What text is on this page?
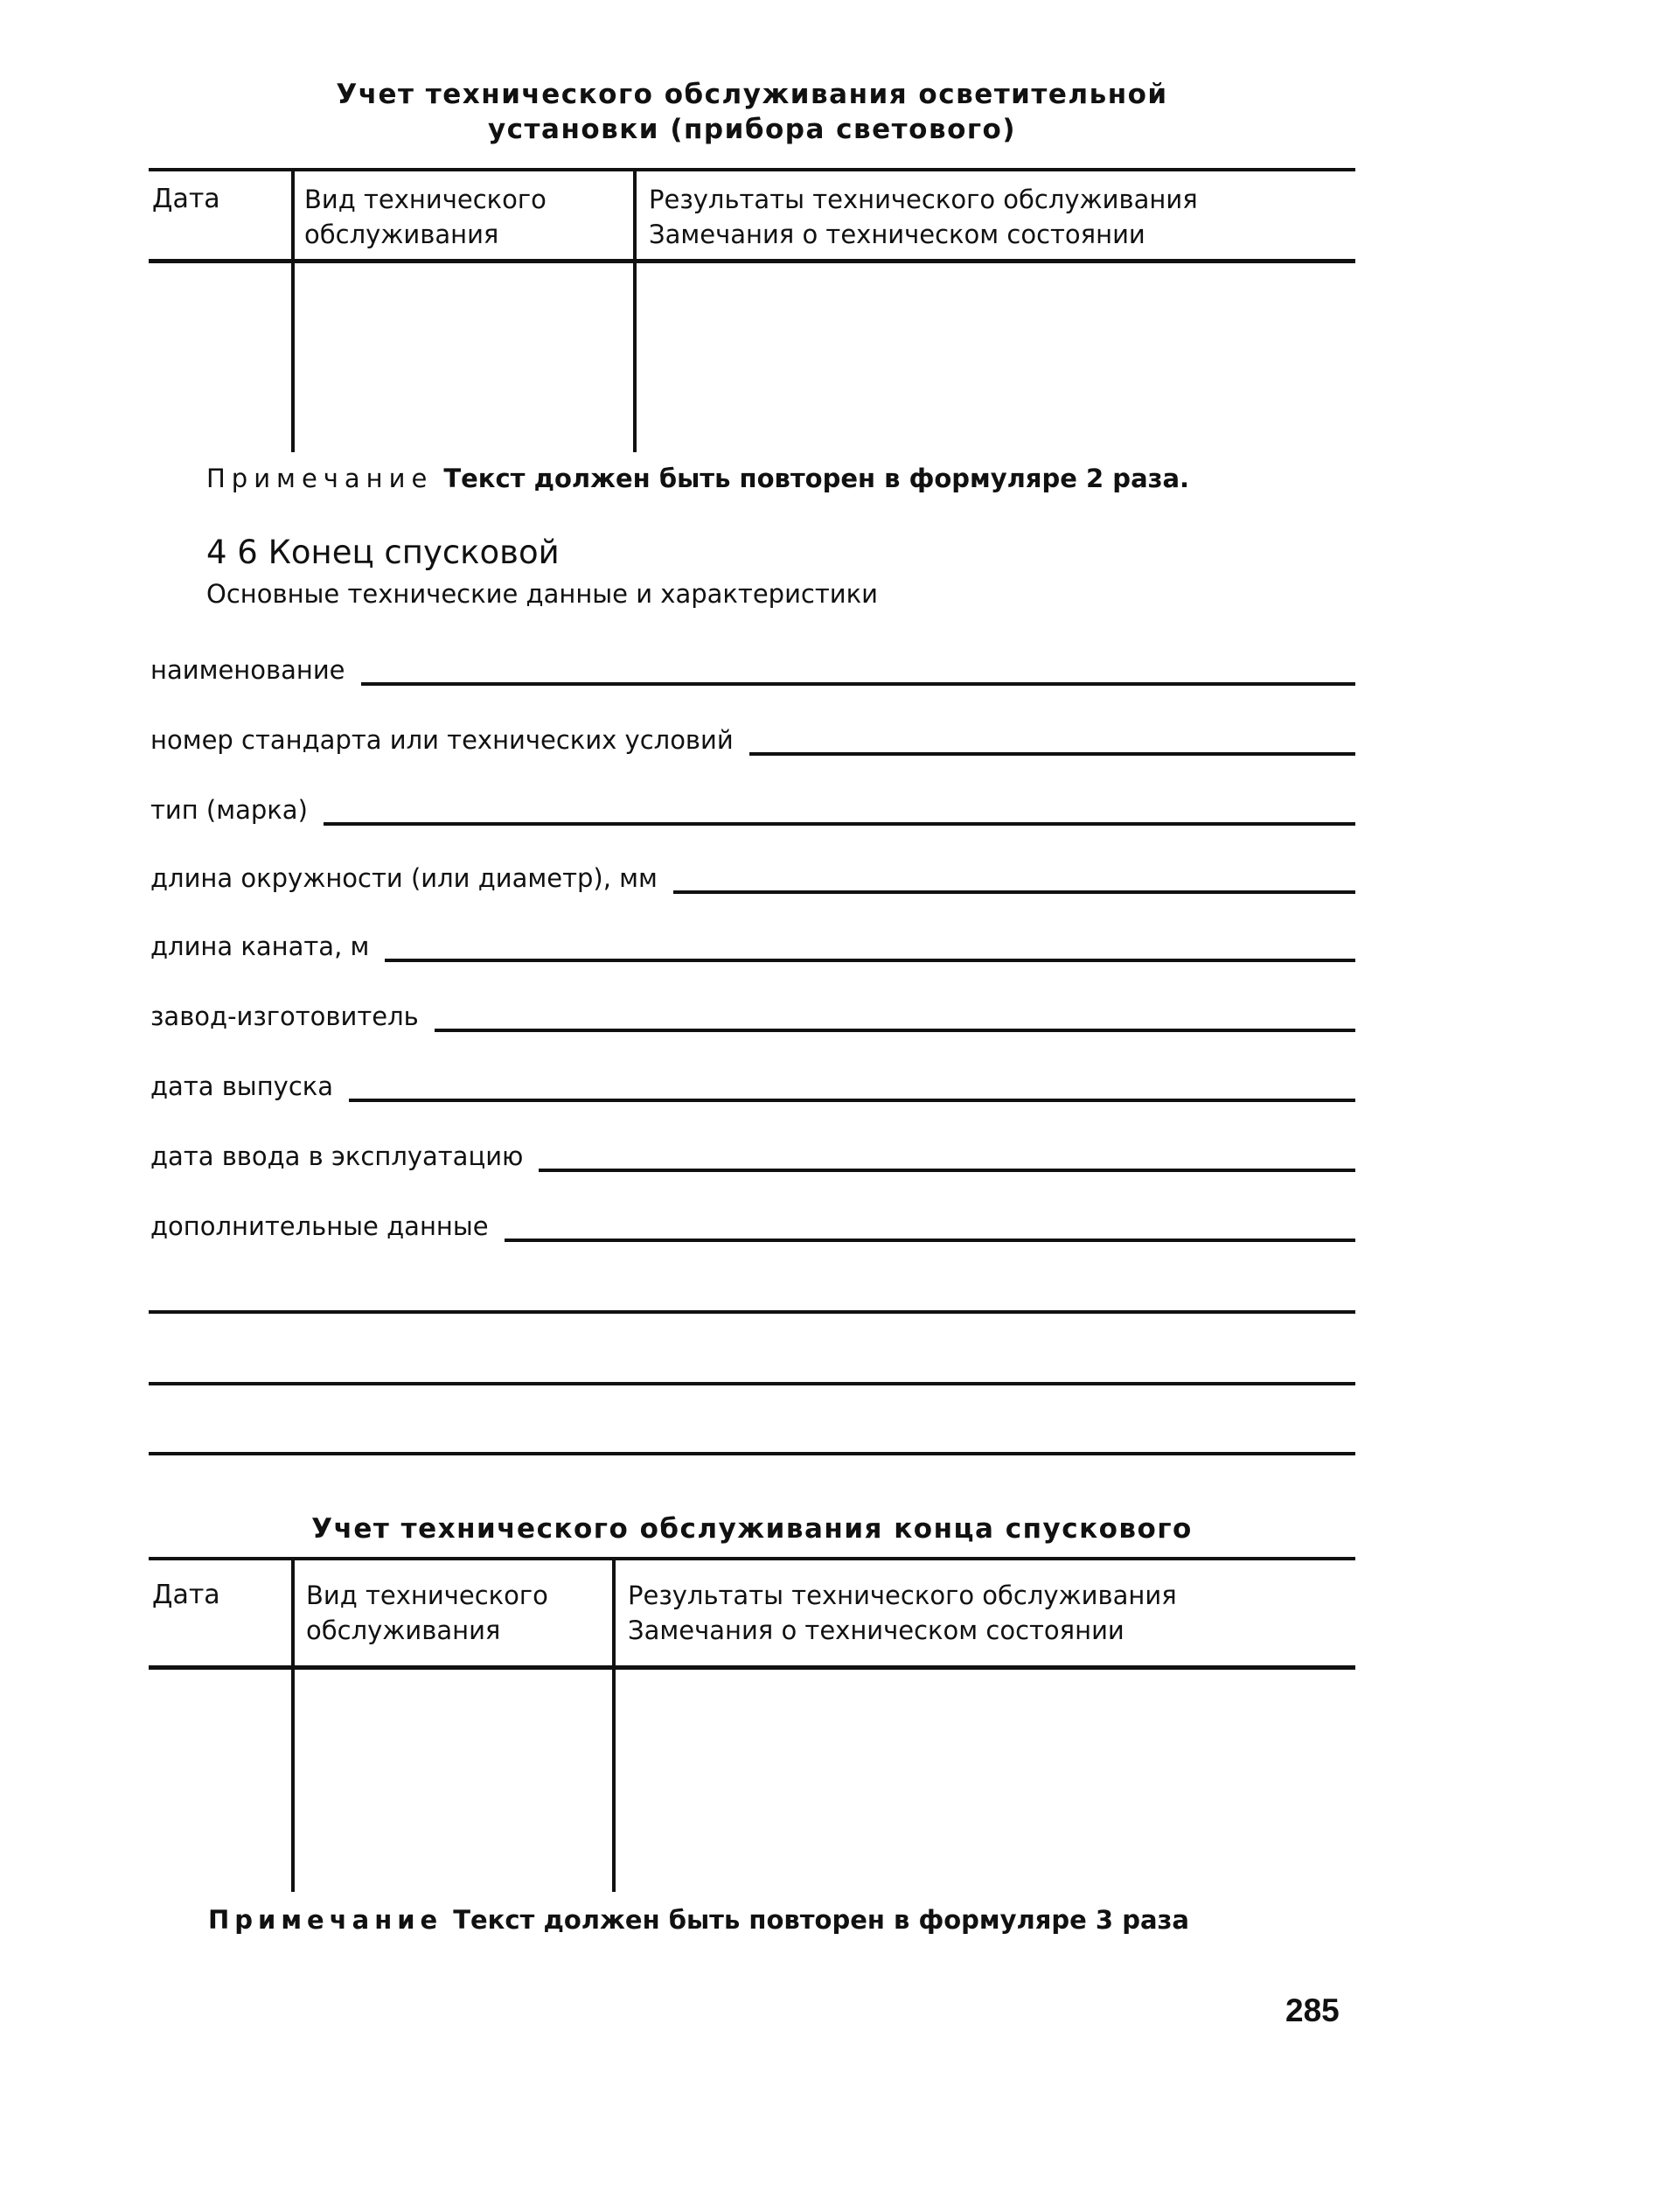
Учет технического обслуживания осветительной
установки (прибора светового)
Дата	Вид технического
обслуживания
Результаты технического обслуживания
Замечания о техническом состоянии
Примечание Текст должен быть повторен в формуляре 2 раза.
4 6 Конец спусковой
Основные технические данные и характеристики
наименование
номер стандарта или технических условий
тип (марка)
длина окружности (или диаметр), мм
длина каната, м
завод-изготовитель
дата выпуска
дата ввода в эксплуатацию
дополнительные данные
Учет технического обслуживания конца спускового
Дата	Вид технического
обслуживания
Результаты технического обслуживания
Замечания о техническом состоянии
Примечание Текст должен быть повторен в формуляре 3 раза
285
